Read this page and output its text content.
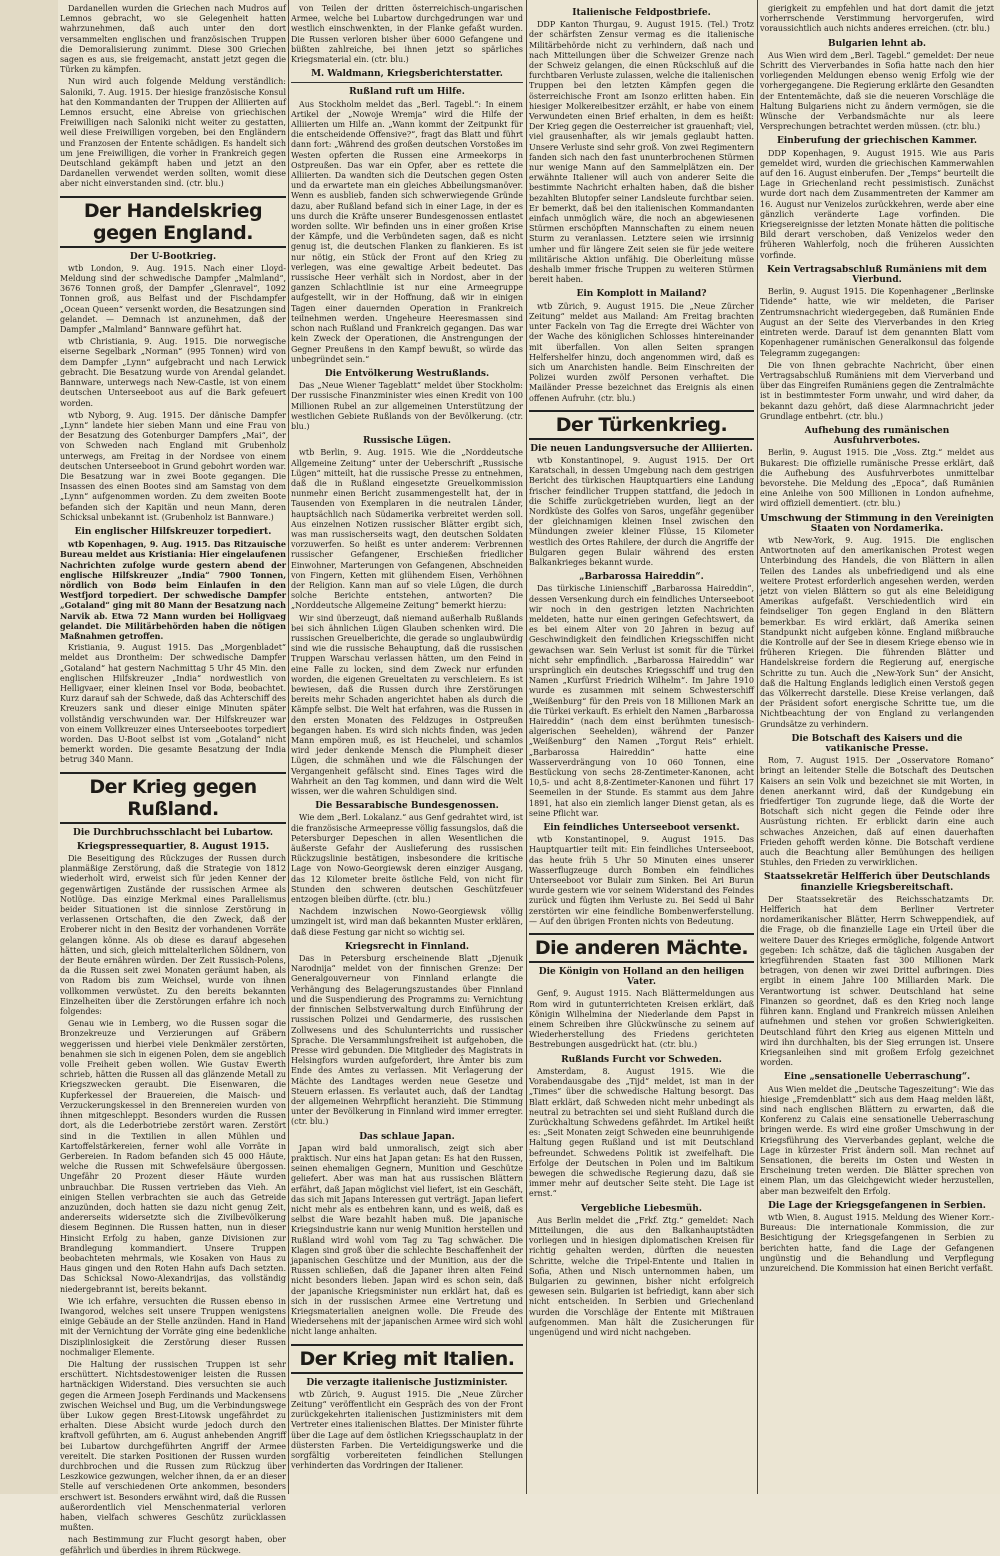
Dardanellen wurden die Griechen nach Mudros auf Lemnos gebracht, wo sie Gelegenheit hatten wahrzunehmen, daß auch unter den dort versammelten englischen und französischen Truppen die Demoralisierung zunimmt. Diese 300 Griechen sagen es aus, sie freigemacht, anstatt jetzt gegen die Türken zu kämpfen.

Nun wird auch folgende Meldung verständlich: Saloniki, 7. Aug. 1915. Der hiesige französische Konsul hat den Kommandanten der Truppen der Alliierten auf Lemnos ersucht, eine Abreise von griechischen Freiwilligen nach Saloniki nicht weiter zu gestatten, weil diese Freiwilligen vorgeben, bei den Engländern und Franzosen der Entente schädigen. Es handelt sich um jene Freiwilligen, die vorher in Frankreich gegen Deutschland gekämpft haben und jetzt an den Dardanellen verwendet werden sollten, womit diese aber nicht einverstanden sind. (ctr. blu.)

Der Handelskrieg gegen England.
Der U-Bootkrieg.

wtb London, 9. Aug. 1915. Nach einer Lloyd-Meldung sind der schwedische Dampfer „Malmland“, 3676 Tonnen groß, der Dampfer „Glenravel“, 1092 Tonnen groß, aus Belfast und der Fischdampfer „Ocean Queen“ versenkt worden, die Besatzungen sind gelandet. — Demnach ist anzunehmen, daß der Dampfer „Malmland“ Bannware geführt hat.

wtb Christiania, 9. Aug. 1915. Die norwegische eiserne Segelbark „Norman“ (995 Tonnen) wird von dem Dampfer „Lynn“ aufgebracht und nach Lerwick gebracht. Die Besatzung wurde von Arendal gelandet. Bannware, unterwegs nach New-Castle, ist von einem deutschen Unterseeboot aus auf die Bark gefeuert worden.

wtb Nyborg, 9. Aug. 1915. Der dänische Dampfer „Lynn“ landete hier sieben Mann und eine Frau von der Besatzung des Gotenburger Dampfers „Mai“, der von Schweden nach England mit Grubenholz unterwegs, am Freitag in der Nordsee von einem deutschen Unterseeboot in Grund gebohrt worden war. Die Besatzung war in zwei Boote gegangen. Die Insassen des einen Bootes sind am Samstag von dem „Lynn“ aufgenommen worden. Zu dem zweiten Boote befanden sich der Kapitän und neun Mann, deren Schicksal unbekannt ist. (Grubenholz ist Bannware.)

Ein englischer Hilfskreuzer torpediert.

wtb Kopenhagen, 9. Aug. 1915. Das Ritzauische Bureau meldet aus Kristiania: Hier eingelaufenen Nachrichten zufolge wurde gestern abend der englische Hilfskreuzer „India“ 7900 Tonnen, nördlich von Bodø beim Einlaufen in den Westfjord torpediert. Der schwedische Dampfer „Gotaland“ ging mit 80 Mann der Besatzung nach Narvik ab. Etwa 72 Mann wurden bei Holligvaeg gelandet. Die Militärbehörden haben die nötigen Maßnahmen getroffen.

Kristiania, 9. August 1915. Das „Morgenbladet“ meldet aus Drontheim: Der schwedische Dampfer „Gotaland“ hat gestern Nachmittag 5 Uhr 45 Min. den englischen Hilfskreuzer „India“ nordwestlich von Helligvaer, einer kleinen Insel vor Bodø, beobachtet. Kurz darauf sah der Schwede, daß das Achterschiff des Kreuzers sank und dieser einige Minuten später vollständig verschwunden war. Der Hilfskreuzer war von einem Vollkreuzer eines Unterseebootes torpediert worden. Das U-Boot selbst ist vom „Gotaland“ nicht bemerkt worden. Die gesamte Besatzung der India betrug 340 Mann.

Der Krieg gegen Rußland.
Die Durchbruchsschlacht bei Lubartow.
Kriegspressequartier, 8. August 1915.

Die Beseitigung des Rückzuges der Russen durch planmäßige Zerstörung, daß die Strategie von 1812 wiederholt wird, erweist sich für jeden Kenner der gegenwärtigen Zustände der russischen Armee als Notlüge. Das einzige Merkmal eines Parallelismus beider Situationen ist die sinnlose Zerstörung in verlassenen Ortschaften, die den Zweck, daß der Eroberer nicht in den Besitz der vorhandenen Vorräte gelangen könne. Als ob diese es darauf abgesehen hätten, und sich, gleich mittelalterlichen Söldnern, von der Beute ernähren würden. Der Zeit Russisch-Polens, da die Russen seit zwei Monaten geräumt haben, als von Radom bis zum Weichsel, wurde von ihnen vollkommen verwüstet. Zu den bereits bekannten Einzelheiten über die Zerstörungen erfahre ich noch folgendes:

Genau wie in Lemberg, wo die Russen sogar die Bronzekreuze und Verzierungen auf Gräbern weggerissen und hierbei viele Denkmäler zerstörten, benahmen sie sich in eigenen Polen, dem sie angeblich volle Freiheit geben wollen. Wie Gustav Ewerth schrieb, hätten die Russen all das glänzende Metall zu Kriegszwecken geraubt. Die Eisenwaren, die Kupferkessel der Brauereien, die Maisch- und Verzuckerungskessel in den Brennereien wurden von ihnen mitgeschleppt. Besonders wurden die Russen dort, als die Lederbotriebe zerstört waren. Zerstört sind in die Textilien in allen Mühlen und Kartoffelstärkereien, ferner wohl alle Vorräte in Gerbereien. In Radom befanden sich 45 000 Häute, welche die Russen mit Schwefelsäure übergossen. Ungefähr 20 Prozent dieser Häute wurden unbrauchbar. Die Russen vertrieben das Vieh. An einigen Stellen verbrachten sie auch das Getreide anzuzünden, doch hatten sie dazu nicht genug Zeit, andererseits widersetzte sich die Zivilbevölkerung diesem Beginnen. Die Russen hatten, nun in dieser Hinsicht Erfolg zu haben, ganze Divisionen zur Brandlegung kommandiert. Unsere Truppen beobachteten mehrmals, wie Kosaken von Haus zu Haus gingen und den Roten Hahn aufs Dach setzten. Das Schicksal Nowo-Alexandrijas, das vollständig niedergebrannt ist, bereits bekannt.

Wie ich erfahre, versuchten die Russen ebenso in Iwangorod, welches seit unsere Truppen wenigstens einige Gebäude an der Stelle anzünden. Hand in Hand mit der Vernichtung der Vorräte ging eine bedenkliche Disziplinlosigkeit die Zerstörung dieser Russen nochmaliger Elemente.

Die Haltung der russischen Truppen ist sehr erschüttert. Nichtsdestoweniger leisten die Russen hartnäckigen Widerstand. Dies versuchten sie auch gegen die Armeen Joseph Ferdinands und Mackensens zwischen Weichsel und Bug, um die Verbindungswege über Lukow gegen Brest-Litowsk ungefährdet zu erhalten. Diese Absicht wurde jedoch durch den kraftvoll geführten, am 6. August anhebenden Angriff bei Lubartow durchgeführten Angriff der Armee vereitelt. Die starken Positionen der Russen wurden durchbrochen und die Russen zum Rückzug über Leszkowice gezwungen, welcher ihnen, da er an dieser Stelle auf verschiedenen Orte ankommen, besonders erschwert ist. Besonders erwähnt wird, daß die Russen außerordentlich viel Menschenmaterial verloren haben, vielfach schweres Geschütz zurücklassen mußten.

nach Bestimmung zur Flucht gesorgt haben, ober gefährlich und überdies in ihrem Rückwege.

von Teilen der dritten österreichisch-ungarischen Armee, welche bei Lubartow durchgedrungen war und westlich einschwenkten, in der Flanke gefaßt wurden. Die Russen verloren bisher über 6000 Gefangene und büßten zahlreiche, bei ihnen jetzt so spärliches Kriegsmaterial ein. (ctr. blu.)

M. Waldmann, Kriegsberichterstatter.
Rußland ruft um Hilfe.

Aus Stockholm meldet das „Berl. Tagebl.“: In einem Artikel der „Nowoje Wremja“ wird die Hilfe der Alliierten um Hilfe an. „Wann kommt der Zeitpunkt für die entscheidende Offensive?“, fragt das Blatt und führt dann fort: „Während des großen deutschen Vorstoßes im Westen opferten die Russen eine Armeekorps in Ostpreußen. Das war ein Opfer, aber es rettete die Alliierten. Da wandten sich die Deutschen gegen Osten und da erwartete man ein gleiches Abbeilungsmanöver. Wenn es ausblieb, fanden sich schwerwiegende Gründe dazu, aber Rußland befand sich in einer Lage, in der es uns durch die Kräfte unserer Bundesgenossen entlastet worden sollte. Wir befinden uns in einer großen Krise der Kämpfe, und die Verbündeten sagen, daß es nicht genug ist, die deutschen Flanken zu flankieren. Es ist nur nötig, ein Stück der Front auf den Krieg zu verlegen, was eine gewaltige Arbeit bedeutet. Das russische Heer verhält sich in Nordost, aber in der ganzen Schlachtlinie ist nur eine Armeegruppe aufgestellt, wir in der Hoffnung, daß wir in einigen Tagen einer dauernden Operation in Frankreich teilnehmen werden. Ungeheure Heeresmassen sind schon nach Rußland und Frankreich gegangen. Das war kein Zweck der Operationen, die Anstrengungen der Gegner Preußens in den Kampf bewußt, so würde das unbegründet sein.“

Die Entvölkerung Westrußlands.

Das „Neue Wiener Tageblatt“ meldet über Stockholm: Der russische Finanzminister wies einen Kredit von 100 Millionen Rubel an zur allgemeinen Unterstützung der westlichen Gebiete Rußlands von der Bevölkerung. (ctr. blu.)

Russische Lügen.

wtb Berlin, 9. Aug. 1915. Wie die „Norddeutsche Allgemeine Zeitung“ unter der Ueberschrift „Russische Lügen“ mitteilt, hat die russische Presse zu entnehmen, daß die in Rußland eingesetzte Greuelkommission nunmehr einen Bericht zusammengestellt hat, der in Tausenden von Exemplaren in die neutralen Länder, hauptsächlich nach Südamerika verbreitet werden soll. Aus einzelnen Notizen russischer Blätter ergibt sich, was man russischerseits wagt, den deutschen Soldaten vorzuwerfen. So heißt es unter anderem: Verbrennen russischer Gefangener, Erschießen friedlicher Einwohner, Marterungen von Gefangenen, Abschneiden von Fingern, Ketten mit glühendem Eisen, Verhöhnen der Religion. Kann man auf so viele Lügen, die durch solche Berichte entstehen, antworten? Die „Norddeutsche Allgemeine Zeitung“ bemerkt hierzu:

Wir sind überzeugt, daß niemand außerhalb Rußlands bei sich ähnlichen Lügen Glauben schenken wird. Die russischen Greuelberichte, die gerade so unglaubwürdig sind wie die russische Behauptung, daß die russischen Truppen Warschau verlassen hätten, um den Feind in eine Falle zu locken, sind dem Zweck nur erfunden worden, die eigenen Greueltaten zu verschleiern. Es ist bewiesen, daß die Russen durch ihre Zerstörungen bereits mehr Schaden angerichtet haben als durch die Kämpfe selbst. Die Welt hat erfahren, was die Russen in den ersten Monaten des Feldzuges in Ostpreußen begangen haben. Es wird sich nichts finden, was jeden Mann empören muß, es ist Heuchelei, und schamlos wird jeder denkende Mensch die Plumpheit dieser Lügen, die schmähen und wie die Fälschungen der Vergangenheit gefälscht sind. Eines Tages wird die Wahrheit an den Tag kommen, und dann wird die Welt wissen, wer die wahren Schuldigen sind.

Die Bessarabische Bundesgenossen.

Wie dem „Berl. Lokalanz.“ aus Genf gedrahtet wird, ist die französische Armeepresse völlig fassungslos, daß die Petersburger Depeschen in allen Wesentlichen die äußerste Gefahr der Auslieferung des russischen Rückzugslinie bestätigen, insbesondere die kritische Lage von Nowo-Georgiewsk deren einziger Ausgang, das 12 Kilometer breite östliche Feld, von nicht für Stunden den schweren deutschen Geschützfeuer entzogen bleiben dürfte. (ctr. blu.)

Nachdem inzwischen Nowo-Georgiewsk völlig umzingelt ist, wird man daß bekannten Muster erklären, daß diese Festung gar nicht so wichtig sei.

Kriegsrecht in Finnland.

Das in Petersburg erscheinende Blatt „Djenuik Narodnija“ meldet von der finnischen Grenze: Der Generalgouverneur von Finnland erlangte die Verhängung des Belagerungszustandes über Finnland und die Suspendierung des Programms zu: Vernichtung der finnischen Selbstverwaltung durch Einführung der russischen Polizei und Gendarmerie, des russischen Zollwesens und des Schulunterrichts und russischer Sprache. Die Versammlungsfreiheit ist aufgehoben, die Presse wird gebunden. Die Mitglieder des Magistrats in Helsingfors wurden aufgefordert, ihre Ämter bis zum Ende des Amtes zu verlassen. Mit Verlagerung der Mächte des Landtages werden neue Gesetze und Steuern erlassen. Es verlautet auch, daß der Landtag der allgemeinen Wehrpflicht heranzieht. Die Stimmung unter der Bevölkerung in Finnland wird immer erregter. (ctr. blu.)

Das schlaue Japan.

Japan wird bald unmoralisch, zeigt sich aber praktisch. Nur eins hat Japan getan: Es hat den Russen, seinen ehemaligen Gegnern, Munition und Geschütze geliefert. Aber was man hat aus russischen Blättern erfährt, daß Japan möglichst viel liefert, ist ein Geschäft, das sich mit Japans Interessen gut verträgt. Japan liefert nicht mehr als es entbehren kann, und es weiß, daß es selbst die Ware bezahlt haben muß. Die japanische Kriegsindustrie kann nur wenig Munition herstellen und Rußland wird wohl vom Tag zu Tag schwächer. Die Klagen sind groß über die schlechte Beschaffenheit der japanischen Geschütze und der Munition, aus der die Russen schließen, daß die Japaner ihren alten Feind nicht besonders lieben. Japan wird es schon sein, daß der japanische Kriegsminister nun erklärt hat, daß es sich in der russischen Armee eine Vertretung und Kriegsmaterialien aneignen wolle. Die Freude des Wiedersehens mit der japanischen Armee wird sich wohl nicht lange anhalten.

Der Krieg mit Italien.
Die verzagte italienische Justizminister.

wtb Zürich, 9. August 1915. Die „Neue Zürcher Zeitung“ veröffentlicht ein Gespräch des von der Front zurückgekehrten italienischen Justizministers mit dem Vertreter eines italienischen Blattes. Der Minister führte über die Lage auf dem östlichen Kriegsschauplatz in der düstersten Farben. Die Verteidigungswerke und die sorgfältig vorbereiteten feindlichen Stellungen verhinderten das Vordringen der Italiener.

Italienische Feldpostbriefe.

DDP Kanton Thurgau, 9. August 1915. (Tel.) Trotz der schärfsten Zensur vermag es die italienische Militärbehörde nicht zu verhindern, daß nach und nach Mitteilungen über die Schweizer Grenze nach der Schweiz gelangen, die einen Rückschluß auf die furchtbaren Verluste zulassen, welche die italienischen Truppen bei den letzten Kämpfen gegen die österreichische Front am Isonzo erlitten haben. Ein hiesiger Molkereibesitzer erzählt, er habe von einem Verwundeten einen Brief erhalten, in dem es heißt: Der Krieg gegen die Oesterreicher ist grauenhaft; viel, viel grausenhafter, als wir jemals geglaubt hatten. Unsere Verluste sind sehr groß. Von zwei Regimentern fanden sich nach den fast ununterbrochenen Stürmen nur wenige Mann auf den Sammelplätzen ein. Der erwähnte Italiener will auch von anderer Seite die bestimmte Nachricht erhalten haben, daß die bisher bezahlten Blutopfer seiner Landsleute furchtbar seien. Er bemerkt, daß bei den italienischen Kommandanten einfach unmöglich wäre, die noch an abgewiesenen Stürmen erschöpften Mannschaften zu einem neuen Sturm zu veranlassen. Letztere seien wie irrsinnig umher und für längere Zeit seien sie für jede weitere militärische Aktion unfähig. Die Oberleitung müsse deshalb immer frische Truppen zu weiteren Stürmen bereit haben.

Ein Komplott in Mailand?

wtb Zürich, 9. August 1915. Die „Neue Zürcher Zeitung“ meldet aus Mailand: Am Freitag brachten unter Fackeln von Tag die Erregte drei Wächter von der Wache des königlichen Schlosses hintereinander mit überfallen. Von allen Seiten sprangen Helfershelfer hinzu, doch angenommen wird, daß es sich um Anarchisten handle. Beim Einschreiten der Polizei wurden zwölf Personen verhaftet. Die Mailänder Presse bezeichnet das Ereignis als einen offenen Aufruhr. (ctr. blu.)

Der Türkenkrieg.
Die neuen Landungsversuche der Alliierten.

wtb Konstantinopel, 9. August 1915. Der Ort Karatschali, in dessen Umgebung nach dem gestrigen Bericht des türkischen Hauptquartiers eine Landung frischer feindlicher Truppen stattfand, die jedoch in die Schiffe zurückgetrieben wurden, liegt an der Nordküste des Golfes von Saros, ungefähr gegenüber der gleichnamigen kleinen Insel zwischen den Mündungen zweier kleiner Flüsse, 15 Kilometer westlich des Ortes Rahilere, der durch die Angriffe der Bulgaren gegen Bulair während des ersten Balkankrieges bekannt wurde.

„Barbarossa Haireddin“.

Das türkische Linienschiff „Barbarossa Haireddin“, dessen Versenkung durch ein feindliches Unterseeboot wir noch in den gestrigen letzten Nachrichten meldeten, hatte nur einen geringen Gefechtswert, da es bei einem Alter von 20 Jahren in bezug auf Geschwindigkeit den feindlichen Kriegsschiffen nicht gewachsen war. Sein Verlust ist somit für die Türkei nicht sehr empfindlich. „Barbarossa Haireddin“ war ursprünglich ein deutsches Kriegsschiff und trug den Namen „Kurfürst Friedrich Wilhelm“. Im Jahre 1910 wurde es zusammen mit seinem Schwesterschiff „Weißenburg“ für den Preis von 18 Millionen Mark an die Türkei verkauft. Es erhielt den Namen „Barbarossa Haireddin“ (nach dem einst berühmten tunesisch-algerischen Seehelden), während der Panzer „Weißenburg“ den Namen „Torgut Reis“ erhielt. „Barbarossa Haireddin“ hatte eine Wasserverdrängung von 10 060 Tonnen, eine Bestückung von sechs 28-Zentimeter-Kanonen, acht 10,5- und acht 8,8-Zentimeter-Kanonen und führt 17 Seemeilen in der Stunde. Es stammt aus dem Jahre 1891, hat also ein ziemlich langer Dienst getan, als es seine Pflicht war.

Ein feindliches Unterseeboot versenkt.

wtb Konstantinopel, 9. August 1915. Das Hauptquartier teilt mit: Ein feindliches Unterseeboot, das heute früh 5 Uhr 50 Minuten eines unserer Wasserflugzeuge durch Bomben ein feindliches Unterseeboot vor Bulair zum Sinken. Bei Ari Burun wurde gestern wie vor seinem Widerstand des Feindes zurück und fügten ihm Verluste zu. Bei Sedd ul Bahr zerstörten wir eine feindliche Bombenwerferstellung. — Auf den übrigen Fronten nichts von Bedeutung.

Die anderen Mächte.
Die Königin von Holland an den heiligen Vater.

Genf, 9. August 1915. Nach Blättermeldungen aus Rom wird in gutunterrichteten Kreisen erklärt, daß Königin Wilhelmina der Niederlande dem Papst in einem Schreiben ihre Glückwünsche zu seinem auf Wiederherstellung des Friedens gerichteten Bestrebungen ausgedrückt hat. (ctr. blu.)

Rußlands Furcht vor Schweden.

Amsterdam, 8. August 1915. Wie die Vorabendausgabe des „Tijd“ meldet, ist man in der „Times“ über die schwedische Haltung besorgt. Das Blatt erklärt, daß Schweden nicht mehr unbedingt als neutral zu betrachten sei und sieht Rußland durch die Zurückhaltung Schwedens gefährdet. Im Artikel heißt es: „Seit Monaten zeigt Schweden eine beunruhigende Haltung gegen Rußland und ist mit Deutschland befreundet. Schwedens Politik ist zweifelhaft. Die Erfolge der Deutschen in Polen und im Baltikum bewegen die schwedische Regierung dazu, daß sie immer mehr auf deutscher Seite steht. Die Lage ist ernst.“

Vergebliche Liebesmüh.

Aus Berlin meldet die „Frkf. Ztg.“ gemeldet: Nach Mitteilungen, die aus den Balkanhauptstädten vorliegen und in hiesigen diplomatischen Kreisen für richtig gehalten werden, dürften die neuesten Schritte, welche die Tripel-Entente und Italien in Sofia, Athen und Nisch unternommen haben, um Bulgarien zu gewinnen, bisher nicht erfolgreich gewesen sein. Bulgarien ist befriedigt, kann aber sich nicht entscheiden. In Serbien und Griechenland wurden die Vorschläge der Entente mit Mißtrauen aufgenommen. Man hält die Zusicherungen für ungenügend und wird nicht nachgeben.

gierigkeit zu empfehlen und hat dort damit die jetzt vorherrschende Verstimmung hervorgerufen, wird voraussichtlich auch nichts anderes erreichen. (ctr. blu.)

Bulgarien lehnt ab.

Aus Wien wird dem „Berl. Tagebl.“ gemeldet: Der neue Schritt des Vierverbandes in Sofia hatte nach den hier vorliegenden Meldungen ebenso wenig Erfolg wie der vorhergegangene. Die Regierung erklärte den Gesandten der Ententemächte, daß sie die neueren Vorschläge die Haltung Bulgariens nicht zu ändern vermögen, sie die Wünsche der Verbandsmächte nur als leere Versprechungen betrachtet werden müssen. (ctr. blu.)

Einberufung der griechischen Kammer.

DDP Kopenhagen, 9. August 1915. Wie aus Paris gemeldet wird, wurden die griechischen Kammerwahlen auf den 16. August einberufen. Der „Temps“ beurteilt die Lage in Griechenland recht pessimistisch. Zunächst wurde dort nach dem Zusammentreten der Kammer am 16. August nur Venizelos zurückkehren, werde aber eine gänzlich veränderte Lage vorfinden. Die Kriegsereignisse der letzten Monate hätten die politische Bild derart verschoben, daß Venizelos weder den früheren Wahlerfolg, noch die früheren Aussichten vorfinde.

Kein Vertragsabschluß Rumäniens mit dem Vierbund.

Berlin, 9. August 1915. Die Kopenhagener „Berlinske Tidende“ hatte, wie wir meldeten, die Pariser Zentrumsnachricht wiedergegeben, daß Rumänien Ende August an der Seite des Vierverbandes in den Krieg eintreten werde. Darauf ist dem genannten Blatt vom Kopenhagener rumänischen Generalkonsul das folgende Telegramm zugegangen:

Die von Ihnen gebrachte Nachricht, über einen Vertragsabschluß Rumäniens mit dem Vierverband und über das Eingreifen Rumäniens gegen die Zentralmächte ist in bestimmtester Form unwahr, und wird daher, da bekannt dazu gehört, daß diese Alarmnachricht jeder Grundlage entbehrt. (ctr. blu.)

Aufhebung des rumänischen Ausfuhrverbotes.

Berlin, 9. August 1915. Die „Voss. Ztg.“ meldet aus Bukarest: Die offizielle rumänische Presse erklärt, daß die Aufhebung des Ausfuhrverbotes unmittelbar bevorstehe. Die Meldung des „Epoca“, daß Rumänien eine Anleihe von 500 Millionen in London aufnehme, wird offiziell dementiert. (ctr. blu.)

Umschwung der Stimmung in den Vereinigten Staaten von Nordamerika.

wtb New-York, 9. Aug. 1915. Die englischen Antwortnoten auf den amerikanischen Protest wegen Unterbindung des Handels, die von Blättern in allen Teilen des Landes als unbefriedigend und als eine weitere Protest erforderlich angesehen werden, werden jetzt von vielen Blättern so gut als eine Beleidigung Amerikas aufgefaßt. Verschiedentlich wird ein feindseliger Ton gegen England in den Blättern bemerkbar. Es wird erklärt, daß Amerika seinen Standpunkt nicht aufgeben könne. England mißbrauche die Kontrolle auf der See in diesem Kriege ebenso wie in früheren Kriegen. Die führenden Blätter und Handelskreise fordern die Regierung auf, energische Schritte zu tun. Auch die „New-York Sun“ der Ansicht, daß die Haltung Englands lediglich einen Verstoß gegen das Völkerrecht darstelle. Diese Kreise verlangen, daß der Präsident sofort energische Schritte tue, um die Nichtbeachtung der von England zu verlangenden Grundsätze zu verhindern.

Die Botschaft des Kaisers und die vatikanische Presse.

Rom, 7. August 1915. Der „Osservatore Romano“ bringt an leitender Stelle die Botschaft des Deutschen Kaisers an sein Volk und bezeichnet sie mit Worten, in denen anerkannt wird, daß der Kundgebung ein friedfertiger Ton zugrunde liege, daß die Worte der Botschaft sich nicht gegen die Feinde oder ihre Ausrüstung richten. Er erblickt darin eine auch schwaches Anzeichen, daß auf einen dauerhaften Frieden gehofft werden könne. Die Botschaft verdiene auch die Beachtung aller Bemühungen des heiligen Stuhles, den Frieden zu verwirklichen.

Staatssekretär Helfferich über Deutschlands finanzielle Kriegsbereitschaft.

Der Staatssekretär des Reichsschatzamts Dr. Helfferich hat dem Berliner Vertreter nordamerikanischer Blätter, Herrn Schweppendiek, auf die Frage, ob die finanzielle Lage ein Urteil über die weitere Dauer des Krieges ermögliche, folgende Antwort gegeben: Ich schätze, daß die täglichen Ausgaben der kriegführenden Staaten fast 300 Millionen Mark betragen, von denen wir zwei Drittel aufbringen. Dies ergibt in einem Jahre 100 Milliarden Mark. Die Verantwortung ist schwer. Deutschland hat seine Finanzen so geordnet, daß es den Krieg noch lange führen kann. England und Frankreich müssen Anleihen aufnehmen und stehen vor großen Schwierigkeiten. Deutschland führt den Krieg aus eigenen Mitteln und wird ihn durchhalten, bis der Sieg errungen ist. Unsere Kriegsanleihen sind mit großem Erfolg gezeichnet worden.

Eine „sensationelle Ueberraschung“.

Aus Wien meldet die „Deutsche Tageszeitung“: Wie das hiesige „Fremdenblatt“ sich aus dem Haag melden läßt, sind nach englischen Blättern zu erwarten, daß die Konferenz zu Calais eine sensationelle Ueberraschung bringen werde. Es wird eine großer Umschwung in der Kriegsführung des Vierverbandes geplant, welche die Lage in kürzester Frist ändern soll. Man rechnet auf Sensationen, die bereits im Osten und Westen in Erscheinung treten werden. Die Blätter sprechen von einem Plan, um das Gleichgewicht wieder herzustellen, aber man bezweifelt den Erfolg.

Die Lage der Kriegsgefangenen in Serbien.

wtb Wien, 8. August 1915. Meldung des Wiener Korr.-Bureaus: Die internationale Kommission, die zur Besichtigung der Kriegsgefangenen in Serbien zu berichten hatte, fand die Lage der Gefangenen ungünstig und die Behandlung und Verpflegung unzureichend. Die Kommission hat einen Bericht verfaßt.
